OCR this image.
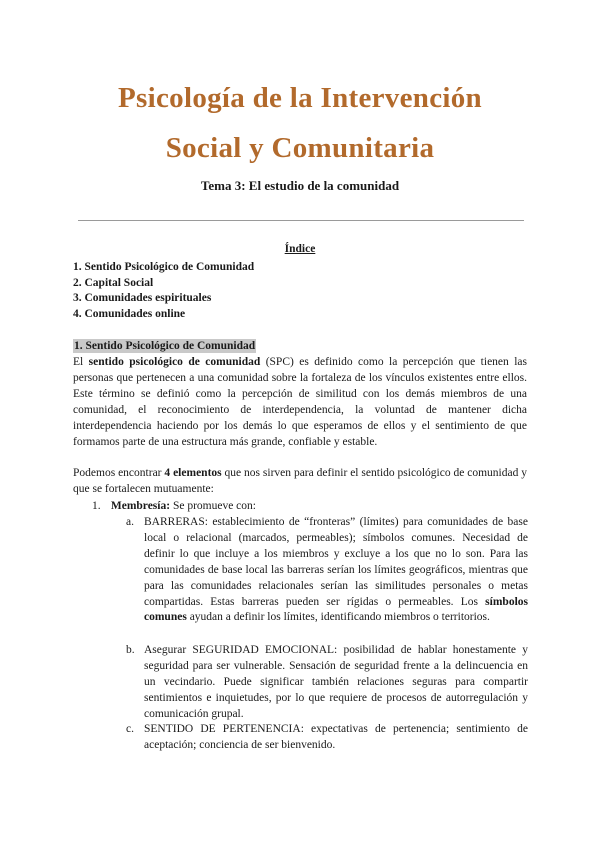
Psicología de la Intervención
Social y Comunitaria
Tema 3: El estudio de la comunidad
Índice
1. Sentido Psicológico de Comunidad
2. Capital Social
3. Comunidades espirituales
4. Comunidades online
1. Sentido Psicológico de Comunidad
El sentido psicológico de comunidad (SPC) es definido como la percepción que tienen las personas que pertenecen a una comunidad sobre la fortaleza de los vínculos existentes entre ellos. Este término se definió como la percepción de similitud con los demás miembros de una comunidad, el reconocimiento de interdependencia, la voluntad de mantener dicha interdependencia haciendo por los demás lo que esperamos de ellos y el sentimiento de que formamos parte de una estructura más grande, confiable y estable.
Podemos encontrar 4 elementos que nos sirven para definir el sentido psicológico de comunidad y que se fortalecen mutuamente:
1. Membresía: Se promueve con:
a. BARRERAS: establecimiento de “fronteras” (límites) para comunidades de base local o relacional (marcados, permeables); símbolos comunes. Necesidad de definir lo que incluye a los miembros y excluye a los que no lo son. Para las comunidades de base local las barreras serían los límites geográficos, mientras que para las comunidades relacionales serían las similitudes personales o metas compartidas. Estas barreras pueden ser rígidas o permeables. Los símbolos comunes ayudan a definir los límites, identificando miembros o territorios.
b. Asegurar SEGURIDAD EMOCIONAL: posibilidad de hablar honestamente y seguridad para ser vulnerable. Sensación de seguridad frente a la delincuencia en un vecindario. Puede significar también relaciones seguras para compartir sentimientos e inquietudes, por lo que requiere de procesos de autorregulación y comunicación grupal.
c. SENTIDO DE PERTENENCIA: expectativas de pertenencia; sentimiento de aceptación; conciencia de ser bienvenido.
